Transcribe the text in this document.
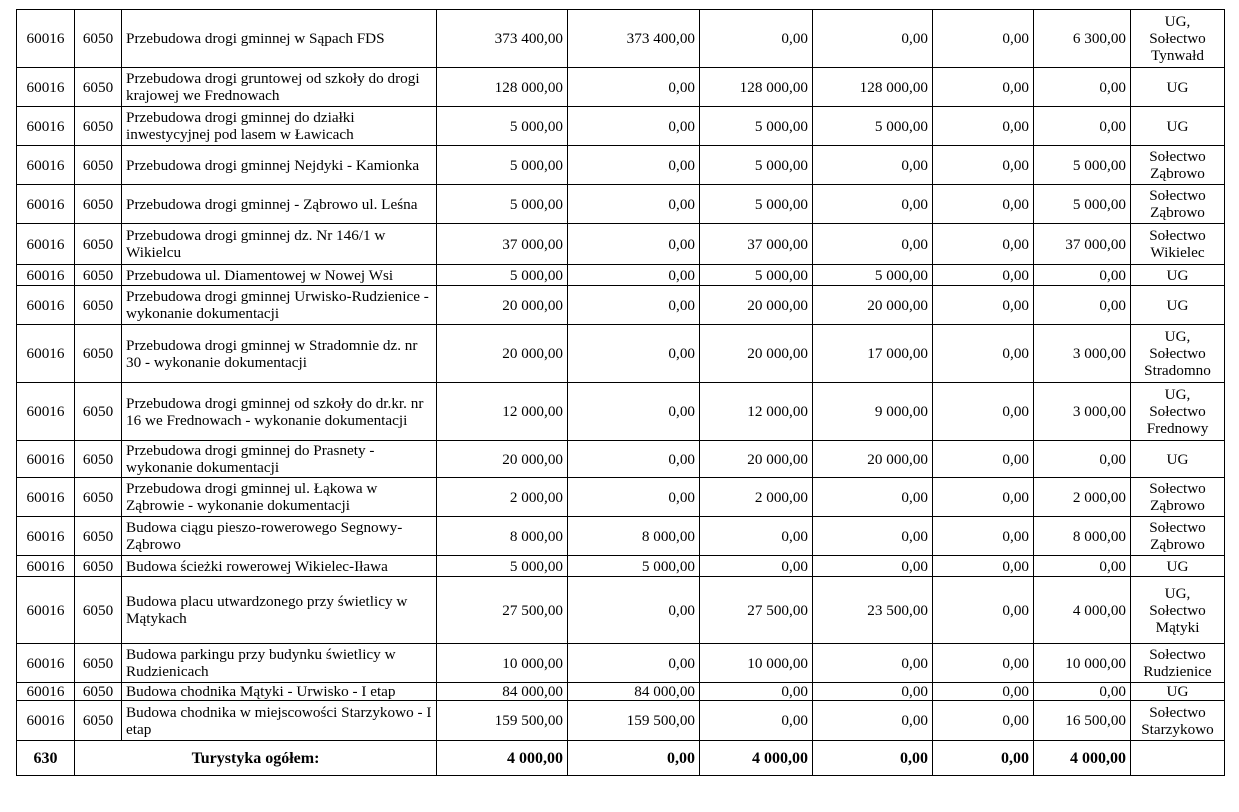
60016	6050	Przebudowa drogi gminnej w Sąpach FDS	373 400,00	373 400,00	0,00	0,00	0,00	6 300,00	UG,
Sołectwo
Tynwałd
60016	6050	Przebudowa drogi gruntowej od szkoły do drogi krajowej we Frednowach	128 000,00	0,00	128 000,00	128 000,00	0,00	0,00	UG
60016	6050	Przebudowa drogi gminnej do działki inwestycyjnej pod lasem w Ławicach	5 000,00	0,00	5 000,00	5 000,00	0,00	0,00	UG
60016	6050	Przebudowa drogi gminnej Nejdyki - Kamionka	5 000,00	0,00	5 000,00	0,00	0,00	5 000,00	Sołectwo
Ząbrowo
60016	6050	Przebudowa drogi gminnej - Ząbrowo ul. Leśna	5 000,00	0,00	5 000,00	0,00	0,00	5 000,00	Sołectwo
Ząbrowo
60016	6050	Przebudowa drogi gminnej dz. Nr 146/1 w Wikielcu	37 000,00	0,00	37 000,00	0,00	0,00	37 000,00	Sołectwo
Wikielec
60016	6050	Przebudowa ul. Diamentowej w Nowej Wsi	5 000,00	0,00	5 000,00	5 000,00	0,00	0,00	UG
60016	6050	Przebudowa drogi gminnej Urwisko-Rudzienice - wykonanie dokumentacji	20 000,00	0,00	20 000,00	20 000,00	0,00	0,00	UG
60016	6050	Przebudowa drogi gminnej w Stradomnie dz. nr 30 - wykonanie dokumentacji	20 000,00	0,00	20 000,00	17 000,00	0,00	3 000,00	UG,
Sołectwo
Stradomno
60016	6050	Przebudowa drogi gminnej od szkoły do dr.kr. nr 16 we Frednowach - wykonanie dokumentacji	12 000,00	0,00	12 000,00	9 000,00	0,00	3 000,00	UG,
Sołectwo
Frednowy
60016	6050	Przebudowa drogi gminnej do Prasnety - wykonanie dokumentacji	20 000,00	0,00	20 000,00	20 000,00	0,00	0,00	UG
60016	6050	Przebudowa drogi gminnej ul. Łąkowa w Ząbrowie - wykonanie dokumentacji	2 000,00	0,00	2 000,00	0,00	0,00	2 000,00	Sołectwo
Ząbrowo
60016	6050	Budowa ciągu pieszo-rowerowego Segnowy-Ząbrowo	8 000,00	8 000,00	0,00	0,00	0,00	8 000,00	Sołectwo
Ząbrowo
60016	6050	Budowa ścieżki rowerowej Wikielec-Iława	5 000,00	5 000,00	0,00	0,00	0,00	0,00	UG
60016	6050	Budowa placu utwardzonego przy świetlicy w Mątykach	27 500,00	0,00	27 500,00	23 500,00	0,00	4 000,00	UG,
Sołectwo
Mątyki
60016	6050	Budowa parkingu przy budynku świetlicy w Rudzienicach	10 000,00	0,00	10 000,00	0,00	0,00	10 000,00	Sołectwo
Rudzienice
60016	6050	Budowa chodnika Mątyki - Urwisko - I etap	84 000,00	84 000,00	0,00	0,00	0,00	0,00	UG
60016	6050	Budowa chodnika w miejscowości Starzykowo - I etap	159 500,00	159 500,00	0,00	0,00	0,00	16 500,00	Sołectwo
Starzykowo
630	Turystyka ogółem:		4 000,00	0,00	4 000,00	0,00	0,00	4 000,00	
